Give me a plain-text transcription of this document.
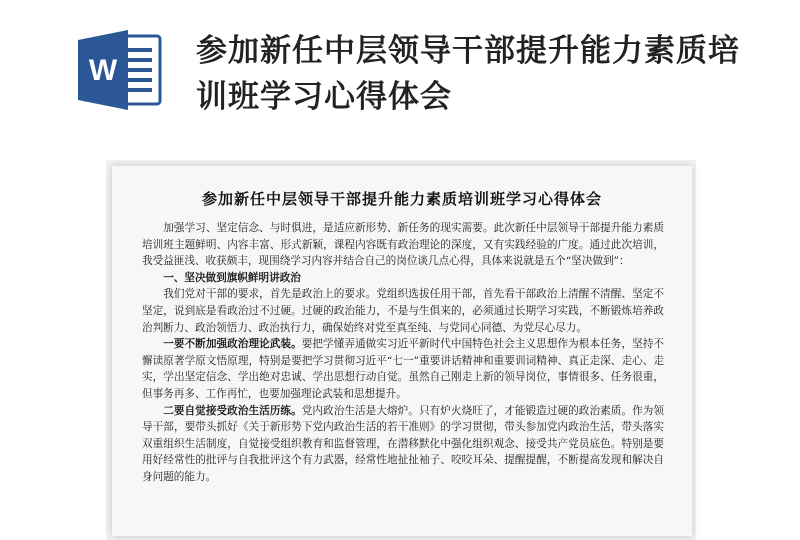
W
参加新任中层领导干部提升能力素质培训班学习心得体会
参加新任中层领导干部提升能力素质培训班学习心得体会

加强学习、坚定信念、与时俱进，是适应新形势、新任务的现实需要。此次新任中层领导干部提升能力素质培训班主题鲜明、内容丰富、形式新颖，课程内容既有政治理论的深度，又有实践经验的广度。通过此次培训，我受益匪浅、收获颇丰，现围绕学习内容并结合自己的岗位谈几点心得，具体来说就是五个“坚决做到”：

一、坚决做到旗帜鲜明讲政治

我们党对干部的要求，首先是政治上的要求。党组织选拔任用干部，首先看干部政治上清醒不清醒、坚定不坚定，说到底是看政治过不过硬。过硬的政治能力，不是与生俱来的，必须通过长期学习实践，不断锻炼培养政治判断力、政治领悟力、政治执行力，确保始终对党至真至纯、与党同心同德、为党尽心尽力。

一要不断加强政治理论武装。要把学懂弄通做实习近平新时代中国特色社会主义思想作为根本任务，坚持不懈读原著学原文悟原理，特别是要把学习贯彻习近平“七一”重要讲话精神和重要训词精神、真正走深、走心、走实，学出坚定信念、学出绝对忠诚、学出思想行动自觉。虽然自己刚走上新的领导岗位，事情很多、任务很重，但事务再多、工作再忙，也要加强理论武装和思想提升。

二要自觉接受政治生活历练。党内政治生活是大熔炉。只有炉火烧旺了，才能锻造过硬的政治素质。作为领导干部，要带头抓好《关于新形势下党内政治生活的若干准则》的学习贯彻，带头参加党内政治生活，带头落实双重组织生活制度，自觉接受组织教育和监督管理，在潜移默化中强化组织观念、接受共产党员底色。特别是要用好经常性的批评与自我批评这个有力武器，经常性地扯扯袖子、咬咬耳朵、提醒提醒，不断提高发现和解决自身问题的能力。
